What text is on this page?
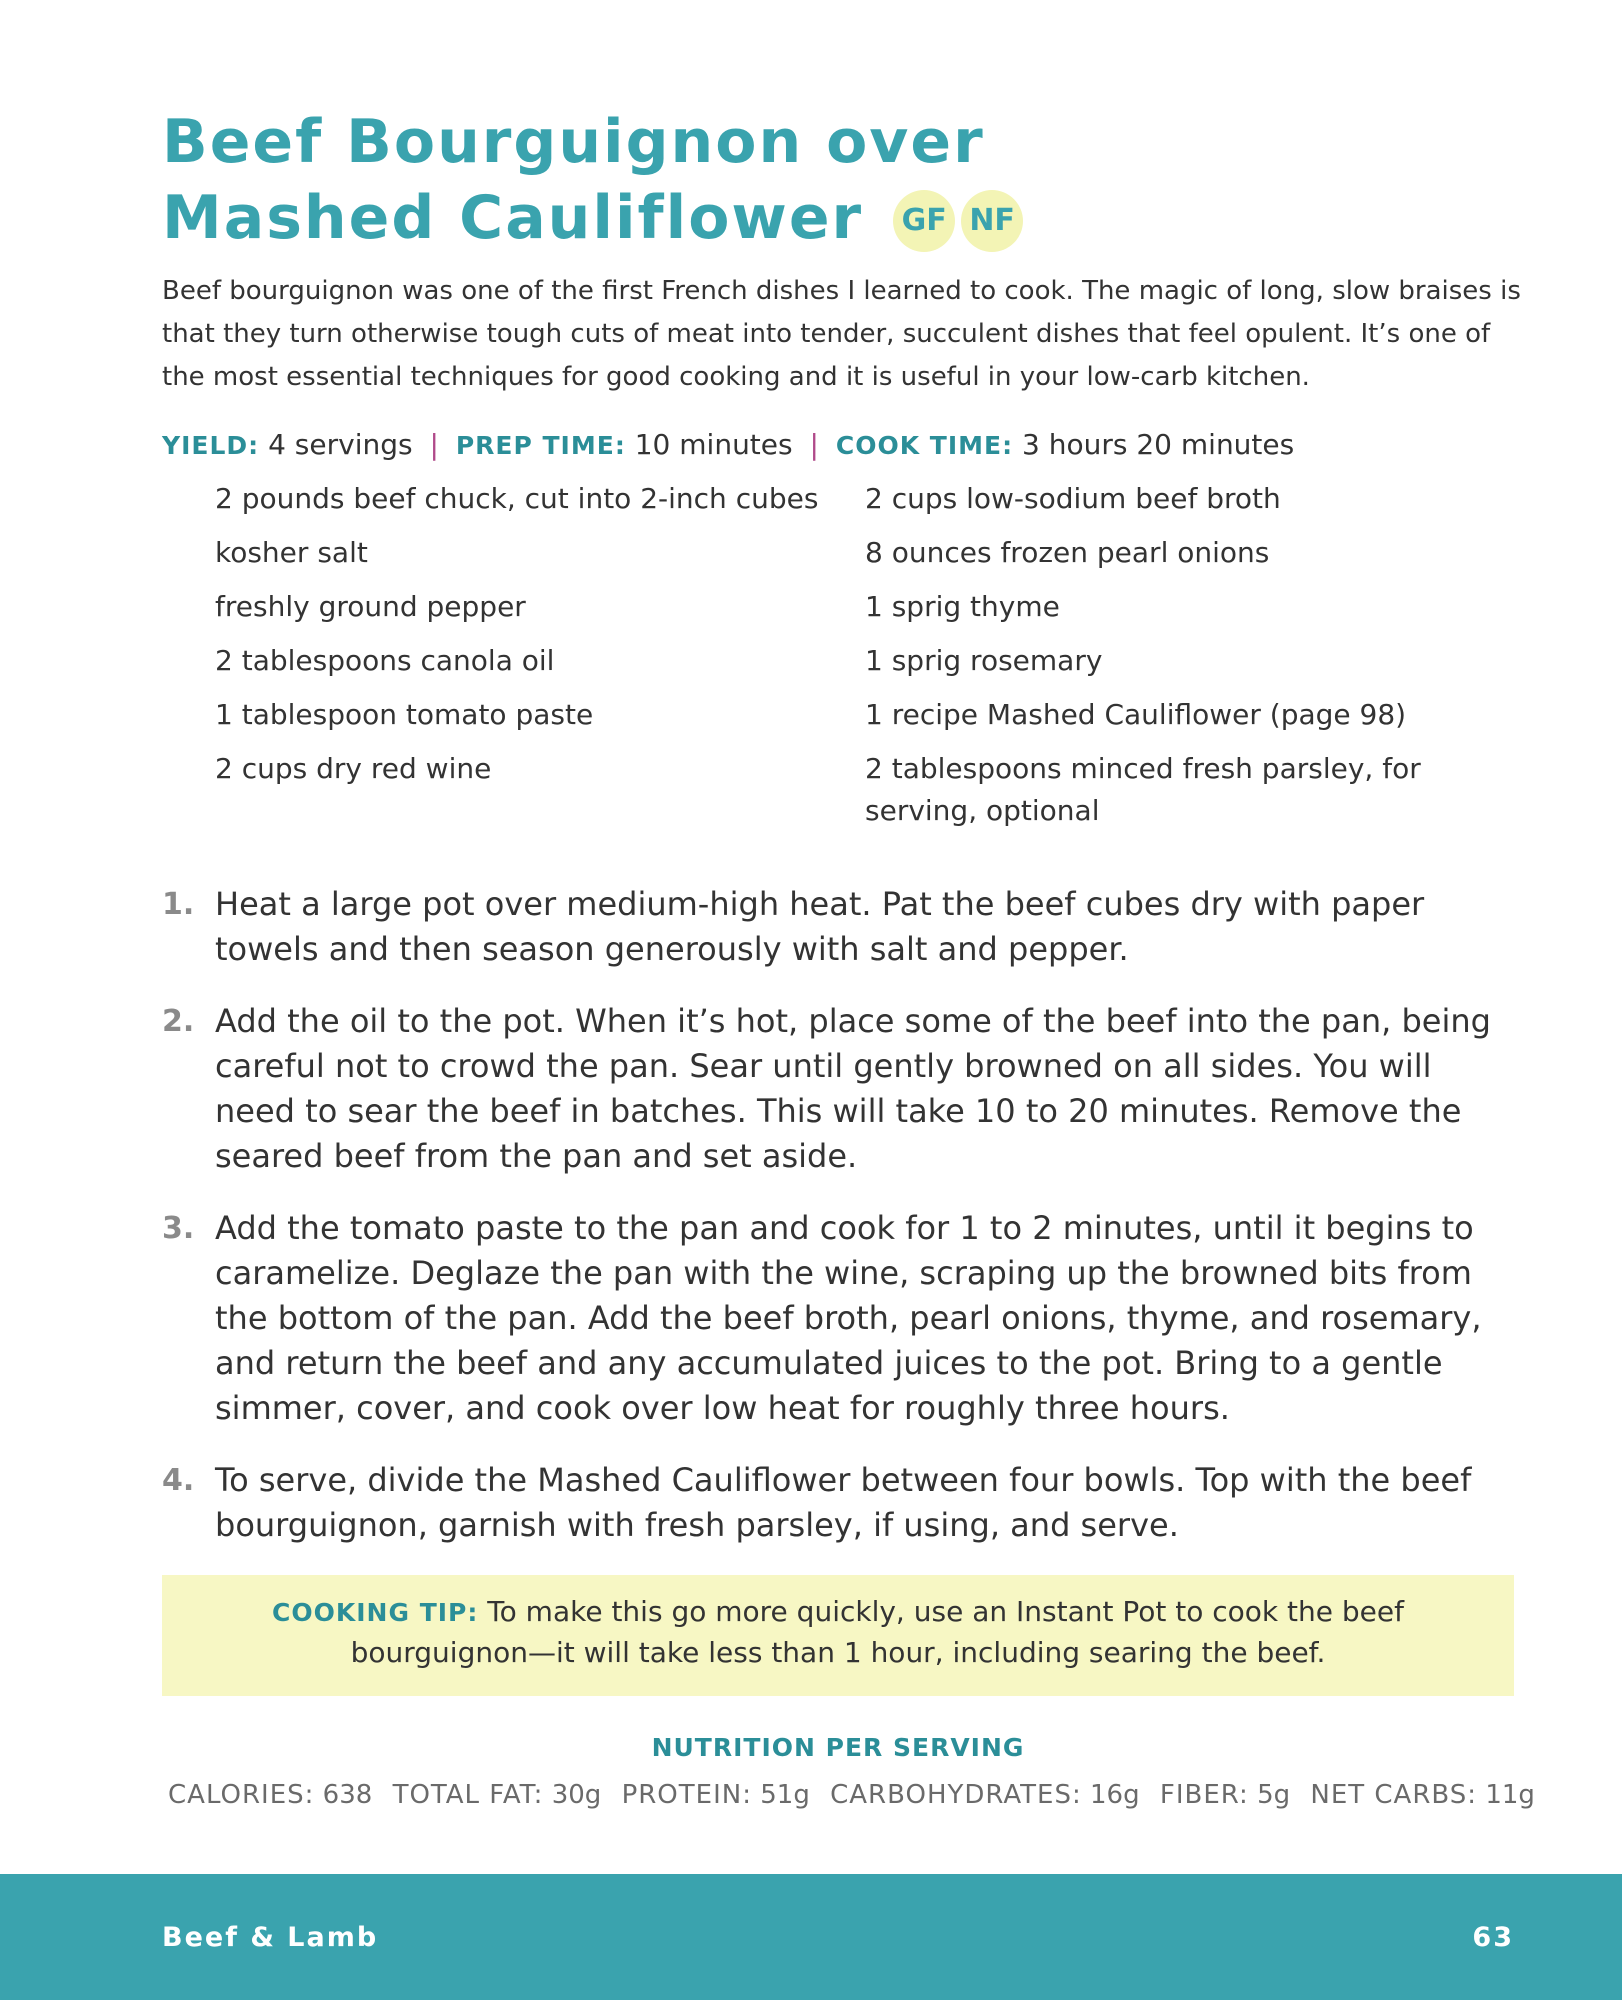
Beef Bourguignon over
Mashed Cauliflower GF NF

Beef bourguignon was one of the first French dishes I learned to cook. The magic of long, slow braises is that they turn otherwise tough cuts of meat into tender, succulent dishes that feel opulent. It’s one of the most essential techniques for good cooking and it is useful in your low-carb kitchen.

YIELD: 4 servings | PREP TIME: 10 minutes | COOK TIME: 3 hours 20 minutes
2 pounds beef chuck, cut into 2-inch cubes
kosher salt
freshly ground pepper
2 tablespoons canola oil
1 tablespoon tomato paste
2 cups dry red wine
2 cups low-sodium beef broth
8 ounces frozen pearl onions
1 sprig thyme
1 sprig rosemary
1 recipe Mashed Cauliflower (page 98)
2 tablespoons minced fresh parsley, for serving, optional
1. Heat a large pot over medium-high heat. Pat the beef cubes dry with paper towels and then season generously with salt and pepper.
2. Add the oil to the pot. When it’s hot, place some of the beef into the pan, being careful not to crowd the pan. Sear until gently browned on all sides. You will need to sear the beef in batches. This will take 10 to 20 minutes. Remove the seared beef from the pan and set aside.
3. Add the tomato paste to the pan and cook for 1 to 2 minutes, until it begins to caramelize. Deglaze the pan with the wine, scraping up the browned bits from the bottom of the pan. Add the beef broth, pearl onions, thyme, and rosemary, and return the beef and any accumulated juices to the pot. Bring to a gentle simmer, cover, and cook over low heat for roughly three hours.
4. To serve, divide the Mashed Cauliflower between four bowls. Top with the beef bourguignon, garnish with fresh parsley, if using, and serve.
COOKING TIP: To make this go more quickly, use an Instant Pot to cook the beef bourguignon—it will take less than 1 hour, including searing the beef.
NUTRITION PER SERVING
CALORIES: 638 TOTAL FAT: 30g PROTEIN: 51g CARBOHYDRATES: 16g FIBER: 5g NET CARBS: 11g
Beef & Lamb	63
